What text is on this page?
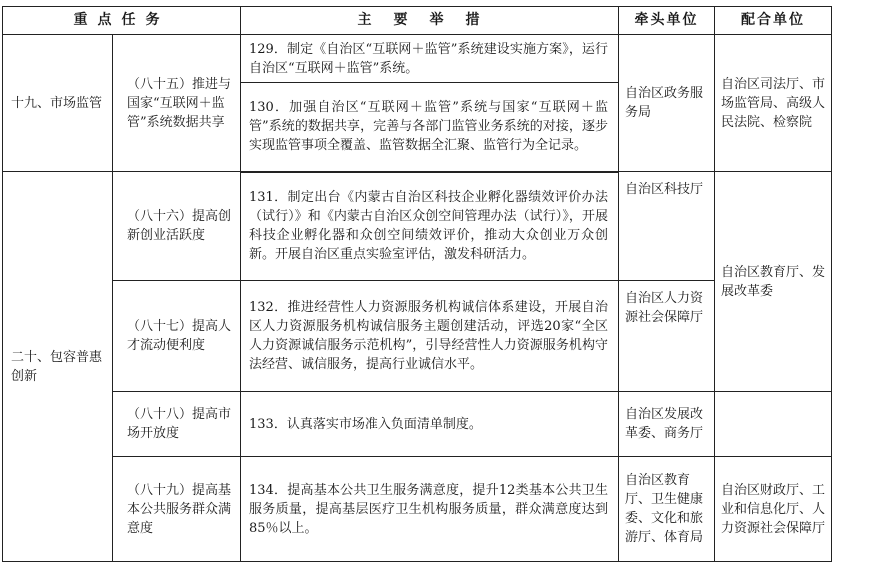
重点任务		主要举措	牵头单位	配合单位
十九、市场监管	（八十五）推进与国家“互联网＋监管”系统数据共享	129．制定《自治区“互联网＋监管”系统建设实施方案》，运行自治区“互联网＋监管”系统。	自治区政务服务局	自治区司法厅、市场监管局、高级人民法院、检察院
		130．加强自治区“互联网＋监管”系统与国家“互联网＋监管”系统的数据共享，完善与各部门监管业务系统的对接，逐步实现监管事项全覆盖、监管数据全汇聚、监管行为全记录。		
二十、包容普惠创新	（八十六）提高创新创业活跃度	131．制定出台《内蒙古自治区科技企业孵化器绩效评价办法（试行）》和《内蒙古自治区众创空间管理办法（试行）》，开展科技企业孵化器和众创空间绩效评价，推动大众创业万众创新。开展自治区重点实验室评估，激发科研活力。	自治区科技厅	自治区教育厅、发展改革委
	（八十七）提高人才流动便利度	132．推进经营性人力资源服务机构诚信体系建设，开展自治区人力资源服务机构诚信服务主题创建活动，评选20家“全区人力资源诚信服务示范机构”，引导经营性人力资源服务机构守法经营、诚信服务，提高行业诚信水平。	自治区人力资源社会保障厅	
	（八十八）提高市场开放度	133．认真落实市场准入负面清单制度。	自治区发展改革委、商务厅	
	（八十九）提高基本公共服务群众满意度	134．提高基本公共卫生服务满意度，提升12类基本公共卫生服务质量，提高基层医疗卫生机构服务质量，群众满意度达到85％以上。	自治区教育厅、卫生健康委、文化和旅游厅、体育局	自治区财政厅、工业和信息化厅、人力资源社会保障厅
